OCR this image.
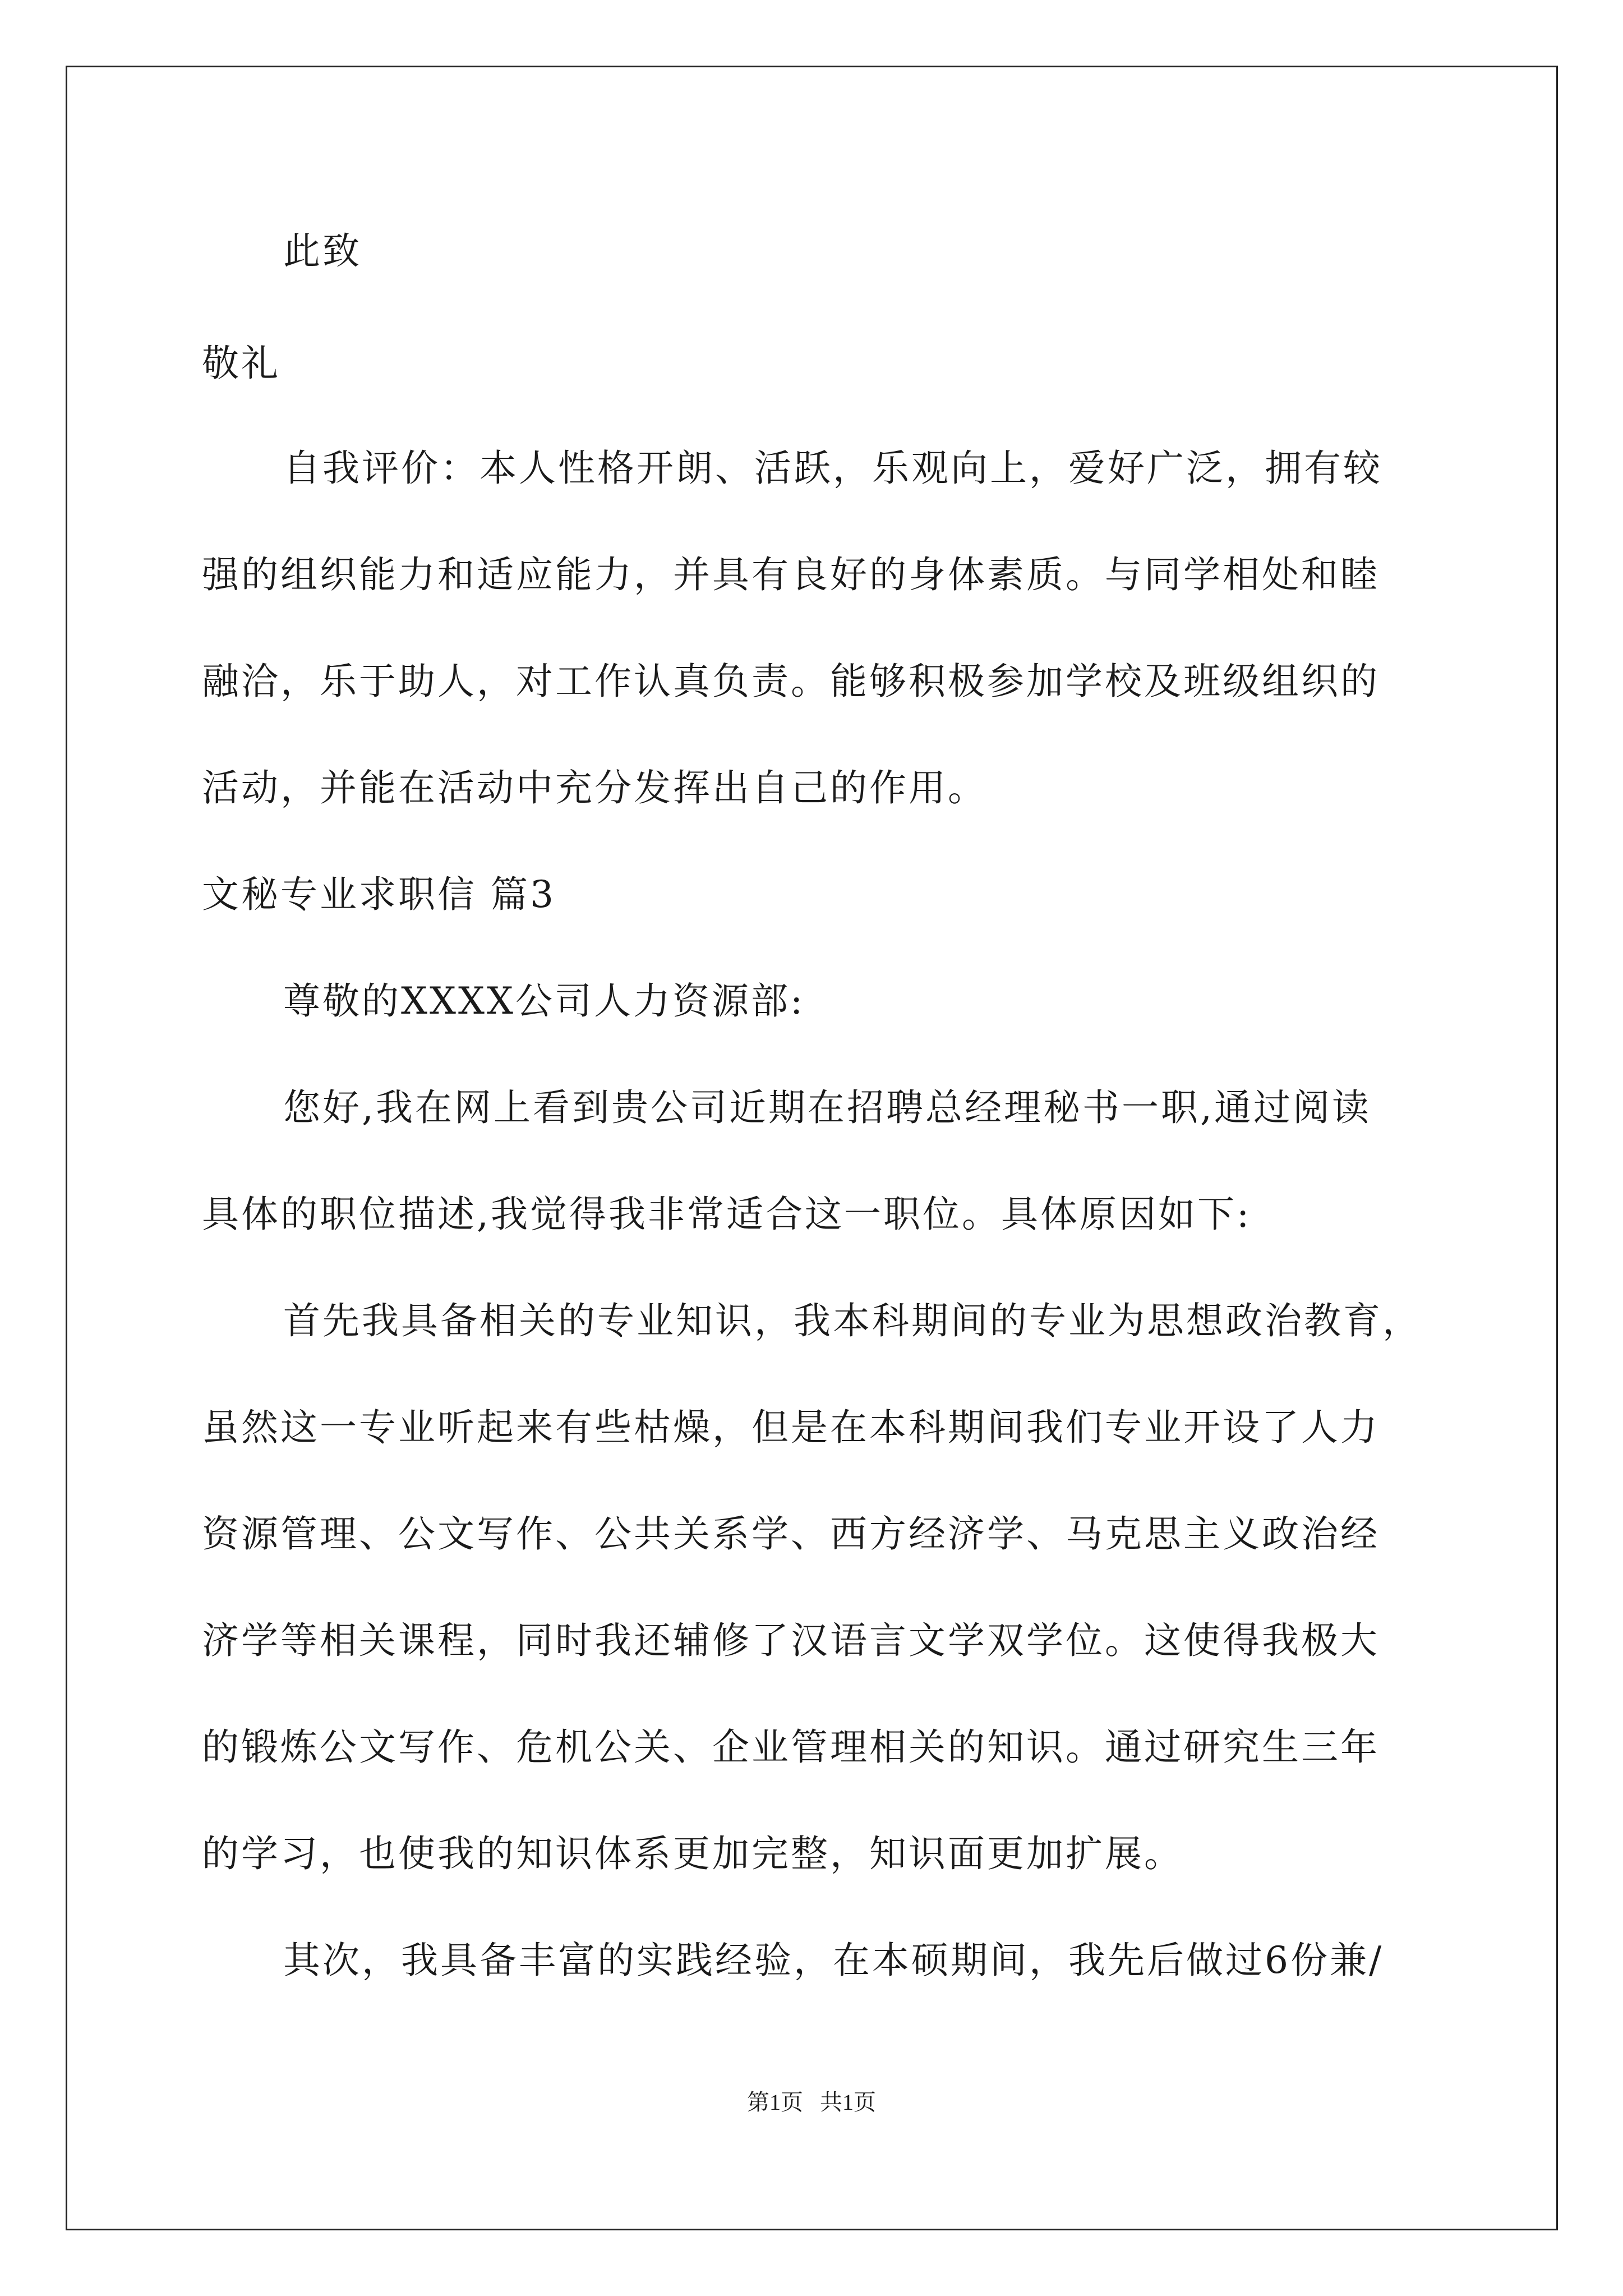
此致
敬礼
自我评价：本人性格开朗、活跃，乐观向上，爱好广泛，拥有较
强的组织能力和适应能力，并具有良好的身体素质。与同学相处和睦
融洽，乐于助人，对工作认真负责。能够积极参加学校及班级组织的
活动，并能在活动中充分发挥出自己的作用。
文秘专业求职信 篇3
尊敬的XXXX公司人力资源部:
您好,我在网上看到贵公司近期在招聘总经理秘书一职,通过阅读
具体的职位描述,我觉得我非常适合这一职位。具体原因如下:
首先我具备相关的专业知识，我本科期间的专业为思想政治教育，
虽然这一专业听起来有些枯燥，但是在本科期间我们专业开设了人力
资源管理、公文写作、公共关系学、西方经济学、马克思主义政治经
济学等相关课程，同时我还辅修了汉语言文学双学位。这使得我极大
的锻炼公文写作、危机公关、企业管理相关的知识。通过研究生三年
的学习，也使我的知识体系更加完整，知识面更加扩展。
其次，我具备丰富的实践经验，在本硕期间，我先后做过6份兼/
第1页   共1页
